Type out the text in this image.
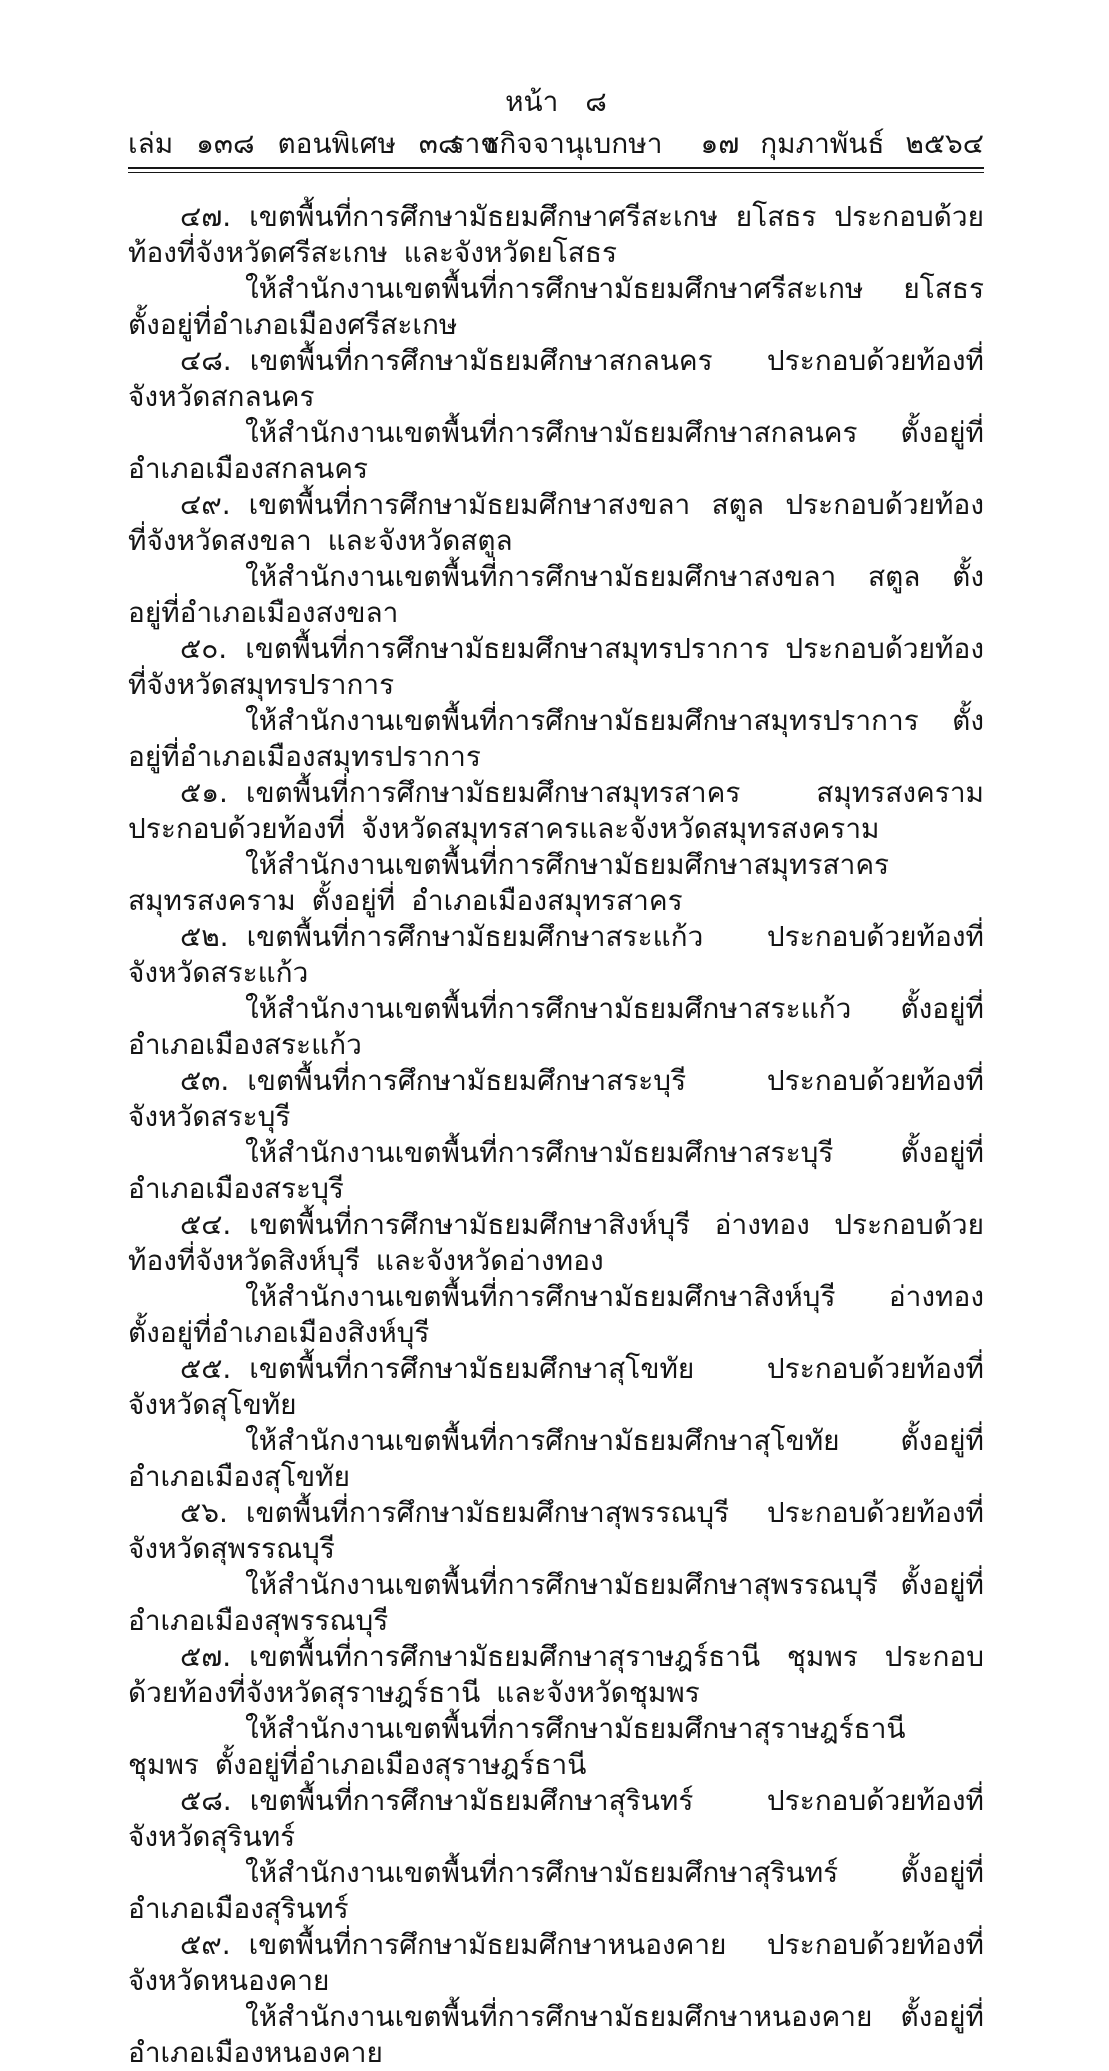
หน้า ๘
เล่ม ๑๓๘ ตอนพิเศษ ๓๘ ง
ราชกิจจานุเบกษา ๑๗ กุมภาพันธ์ ๒๕๖๔

๔๗. เขตพื้นที่การศึกษามัธยมศึกษาศรีสะเกษ ยโสธร ประกอบด้วยท้องที่จังหวัดศรีสะเกษ และจังหวัดยโสธร

ให้สำนักงานเขตพื้นที่การศึกษามัธยมศึกษาศรีสะเกษ ยโสธร ตั้งอยู่ที่อำเภอเมืองศรีสะเกษ

๔๘. เขตพื้นที่การศึกษามัธยมศึกษาสกลนคร ประกอบด้วยท้องที่จังหวัดสกลนคร

ให้สำนักงานเขตพื้นที่การศึกษามัธยมศึกษาสกลนคร ตั้งอยู่ที่อำเภอเมืองสกลนคร

๔๙. เขตพื้นที่การศึกษามัธยมศึกษาสงขลา สตูล ประกอบด้วยท้องที่จังหวัดสงขลา และจังหวัดสตูล

ให้สำนักงานเขตพื้นที่การศึกษามัธยมศึกษาสงขลา สตูล ตั้งอยู่ที่อำเภอเมืองสงขลา

๕๐. เขตพื้นที่การศึกษามัธยมศึกษาสมุทรปราการ ประกอบด้วยท้องที่จังหวัดสมุทรปราการ

ให้สำนักงานเขตพื้นที่การศึกษามัธยมศึกษาสมุทรปราการ ตั้งอยู่ที่อำเภอเมืองสมุทรปราการ

๕๑. เขตพื้นที่การศึกษามัธยมศึกษาสมุทรสาคร สมุทรสงคราม ประกอบด้วยท้องที่ จังหวัดสมุทรสาครและจังหวัดสมุทรสงคราม

ให้สำนักงานเขตพื้นที่การศึกษามัธยมศึกษาสมุทรสาคร สมุทรสงคราม ตั้งอยู่ที่ อำเภอเมืองสมุทรสาคร

๕๒. เขตพื้นที่การศึกษามัธยมศึกษาสระแก้ว ประกอบด้วยท้องที่จังหวัดสระแก้ว

ให้สำนักงานเขตพื้นที่การศึกษามัธยมศึกษาสระแก้ว ตั้งอยู่ที่อำเภอเมืองสระแก้ว

๕๓. เขตพื้นที่การศึกษามัธยมศึกษาสระบุรี ประกอบด้วยท้องที่จังหวัดสระบุรี

ให้สำนักงานเขตพื้นที่การศึกษามัธยมศึกษาสระบุรี ตั้งอยู่ที่อำเภอเมืองสระบุรี

๕๔. เขตพื้นที่การศึกษามัธยมศึกษาสิงห์บุรี อ่างทอง ประกอบด้วยท้องที่จังหวัดสิงห์บุรี และจังหวัดอ่างทอง

ให้สำนักงานเขตพื้นที่การศึกษามัธยมศึกษาสิงห์บุรี อ่างทอง ตั้งอยู่ที่อำเภอเมืองสิงห์บุรี

๕๕. เขตพื้นที่การศึกษามัธยมศึกษาสุโขทัย ประกอบด้วยท้องที่จังหวัดสุโขทัย

ให้สำนักงานเขตพื้นที่การศึกษามัธยมศึกษาสุโขทัย ตั้งอยู่ที่อำเภอเมืองสุโขทัย

๕๖. เขตพื้นที่การศึกษามัธยมศึกษาสุพรรณบุรี ประกอบด้วยท้องที่จังหวัดสุพรรณบุรี

ให้สำนักงานเขตพื้นที่การศึกษามัธยมศึกษาสุพรรณบุรี ตั้งอยู่ที่อำเภอเมืองสุพรรณบุรี

๕๗. เขตพื้นที่การศึกษามัธยมศึกษาสุราษฎร์ธานี ชุมพร ประกอบด้วยท้องที่จังหวัดสุราษฎร์ธานี และจังหวัดชุมพร

ให้สำนักงานเขตพื้นที่การศึกษามัธยมศึกษาสุราษฎร์ธานี ชุมพร ตั้งอยู่ที่อำเภอเมืองสุราษฎร์ธานี

๕๘. เขตพื้นที่การศึกษามัธยมศึกษาสุรินทร์ ประกอบด้วยท้องที่จังหวัดสุรินทร์

ให้สำนักงานเขตพื้นที่การศึกษามัธยมศึกษาสุรินทร์ ตั้งอยู่ที่อำเภอเมืองสุรินทร์

๕๙. เขตพื้นที่การศึกษามัธยมศึกษาหนองคาย ประกอบด้วยท้องที่จังหวัดหนองคาย

ให้สำนักงานเขตพื้นที่การศึกษามัธยมศึกษาหนองคาย ตั้งอยู่ที่อำเภอเมืองหนองคาย
